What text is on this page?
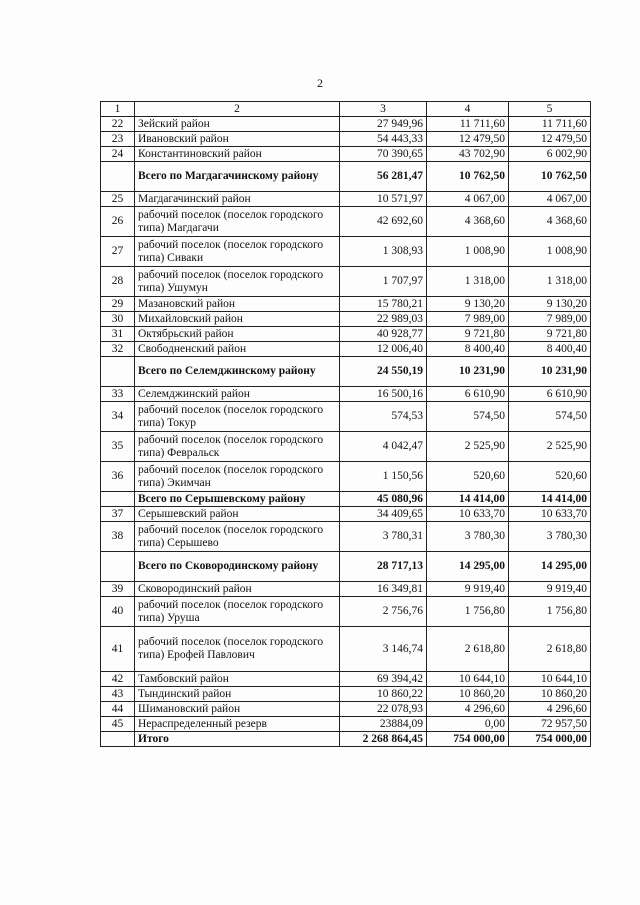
2
1	2	3	4	5
22	Зейский район	27 949,96	11 711,60	11 711,60
23	Ивановский район	54 443,33	12 479,50	12 479,50
24	Константиновский район	70 390,65	43 702,90	6 002,90
	Всего по Магдагачинскому району	56 281,47	10 762,50	10 762,50
25	Магдагачинский район	10 571,97	4 067,00	4 067,00
26	рабочий поселок (поселок городского типа) Магдагачи	42 692,60	4 368,60	4 368,60
27	рабочий поселок (поселок городского типа) Сиваки	1 308,93	1 008,90	1 008,90
28	рабочий поселок (поселок городского типа) Ушумун	1 707,97	1 318,00	1 318,00
29	Мазановский район	15 780,21	9 130,20	9 130,20
30	Михайловский район	22 989,03	7 989,00	7 989,00
31	Октябрьский район	40 928,77	9 721,80	9 721,80
32	Свободненский район	12 006,40	8 400,40	8 400,40
	Всего по Селемджинскому району	24 550,19	10 231,90	10 231,90
33	Селемджинский район	16 500,16	6 610,90	6 610,90
34	рабочий поселок (поселок городского типа) Токур	574,53	574,50	574,50
35	рабочий поселок (поселок городского типа) Февральск	4 042,47	2 525,90	2 525,90
36	рабочий поселок (поселок городского типа) Экимчан	1 150,56	520,60	520,60
	Всего по Серышевскому району	45 080,96	14 414,00	14 414,00
37	Серышевский район	34 409,65	10 633,70	10 633,70
38	рабочий поселок (поселок городского типа) Серышево	3 780,31	3 780,30	3 780,30
	Всего по Сковородинскому району	28 717,13	14 295,00	14 295,00
39	Сковородинский район	16 349,81	9 919,40	9 919,40
40	рабочий поселок (поселок городского типа) Уруша	2 756,76	1 756,80	1 756,80
41	рабочий поселок (поселок городского типа) Ерофей Павлович	3 146,74	2 618,80	2 618,80
42	Тамбовский район	69 394,42	10 644,10	10 644,10
43	Тындинский район	10 860,22	10 860,20	10 860,20
44	Шимановский район	22 078,93	4 296,60	4 296,60
45	Нераспределенный резерв	23884,09	0,00	72 957,50
	Итого	2 268 864,45	754 000,00	754 000,00
